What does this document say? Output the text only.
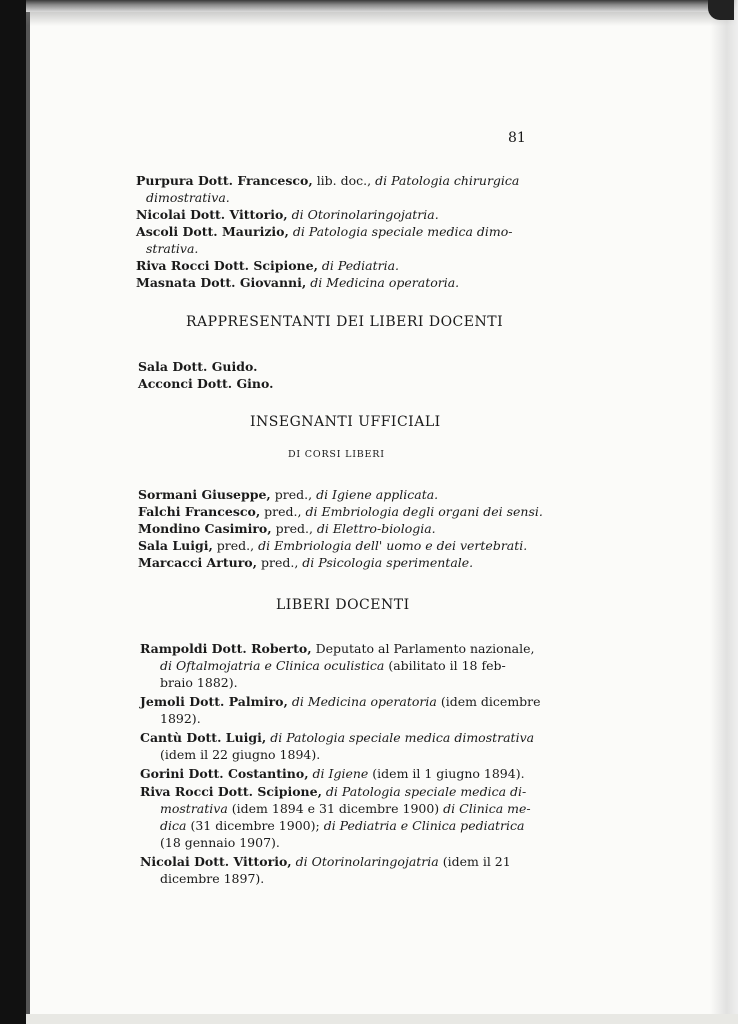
81
Purpura Dott. Francesco, lib. doc., di Patologia chirurgica
dimostrativa.
Nicolai Dott. Vittorio, di Otorinolaringojatria.
Ascoli Dott. Maurizio, di Patologia speciale medica dimo-
strativa.
Riva Rocci Dott. Scipione, di Pediatria.
Masnata Dott. Giovanni, di Medicina operatoria.
RAPPRESENTANTI DEI LIBERI DOCENTI
Sala Dott. Guido.
Acconci Dott. Gino.
INSEGNANTI UFFICIALI
DI CORSI LIBERI
Sormani Giuseppe, pred., di Igiene applicata.
Falchi Francesco, pred., di Embriologia degli organi dei sensi.
Mondino Casimiro, pred., di Elettro-biologia.
Sala Luigi, pred., di Embriologia dell' uomo e dei vertebrati.
Marcacci Arturo, pred., di Psicologia sperimentale.
LIBERI DOCENTI
Rampoldi Dott. Roberto, Deputato al Parlamento nazionale,
di Oftalmojatria e Clinica oculistica (abilitato il 18 feb-
braio 1882).
Jemoli Dott. Palmiro, di Medicina operatoria (idem dicembre
1892).
Cantù Dott. Luigi, di Patologia speciale medica dimostrativa
(idem il 22 giugno 1894).
Gorini Dott. Costantino, di Igiene (idem il 1 giugno 1894).
Riva Rocci Dott. Scipione, di Patologia speciale medica di-
mostrativa (idem 1894 e 31 dicembre 1900) di Clinica me-
dica (31 dicembre 1900); di Pediatria e Clinica pediatrica
(18 gennaio 1907).
Nicolai Dott. Vittorio, di Otorinolaringojatria (idem il 21
dicembre 1897).
